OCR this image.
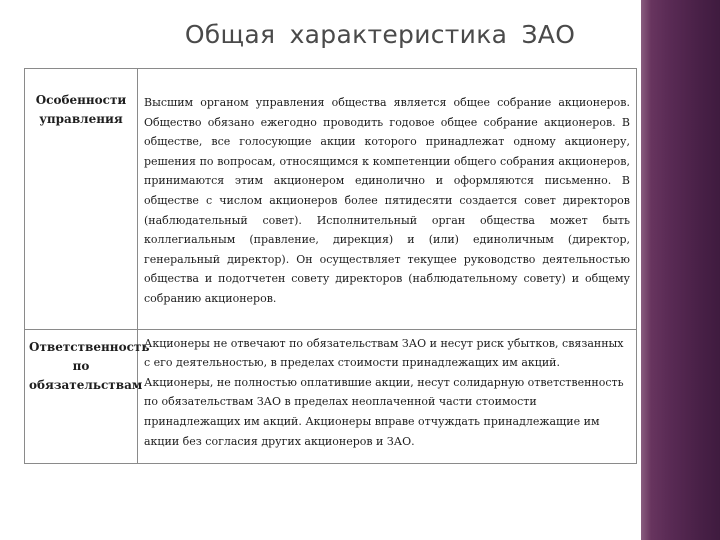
Общая характеристика ЗАО
Особенности управления	Высшим органом управления общества является общее собрание акционеров. Общество обязано ежегодно проводить годовое общее собрание акционеров. В обществе, все голосующие акции которого принадлежат одному акционеру, решения по вопросам, относящимся к компетенции общего собрания акционеров, принимаются этим акционером единолично и оформляются письменно. В обществе с числом акционеров более пятидесяти создается совет директоров (наблюдательный совет). Исполнительный орган общества может быть коллегиальным (правление, дирекция) и (или) единоличным (директор, генеральный директор). Он осуществляет текущее руководство деятельностью общества и подотчетен совету директоров (наблюдательному совету) и общему собранию акционеров.

Ответственность по обязательствам	Акционеры не отвечают по обязательствам ЗАО и несут риск убытков, связанных с его деятельностью, в пределах стоимости принадлежащих им акций. Акционеры, не полностью оплатившие акции, несут солидарную ответственность по обязательствам ЗАО в пределах неоплаченной части стоимости принадлежащих им акций. Акционеры вправе отчуждать принадлежащие им акции без согласия других акционеров и ЗАО.
